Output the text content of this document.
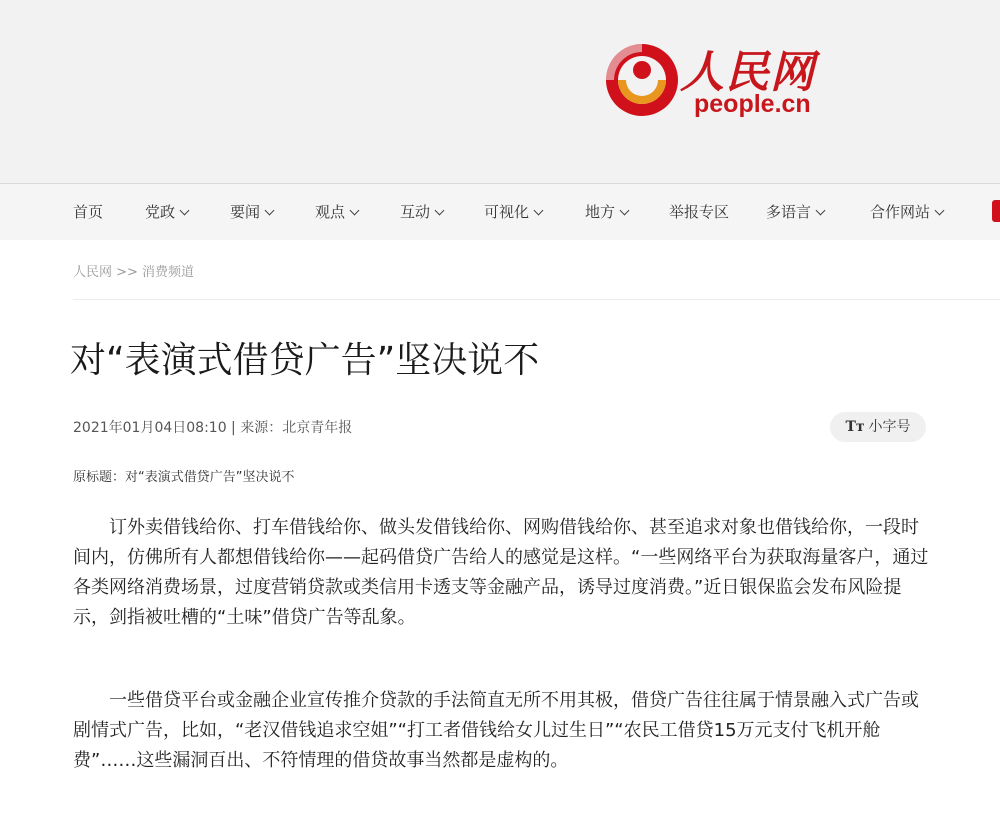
人民网
people.cn
首页	党政	要闻	观点	互动	可视化	地方	举报专区 多语言	合作网站
人民网 >> 消费频道
对“表演式借贷广告”坚决说不
2021年01月04日08:10 | 来源：北京青年报	Tт 小字号
原标题：对“表演式借贷广告”坚决说不

订外卖借钱给你、打车借钱给你、做头发借钱给你、网购借钱给你、甚至追求对象也借钱给你，一段时间内，仿佛所有人都想借钱给你——起码借贷广告给人的感觉是这样。“一些网络平台为获取海量客户，通过各类网络消费场景，过度营销贷款或类信用卡透支等金融产品，诱导过度消费。”近日银保监会发布风险提示，剑指被吐槽的“土味”借贷广告等乱象。

一些借贷平台或金融企业宣传推介贷款的手法简直无所不用其极，借贷广告往往属于情景融入式广告或剧情式广告，比如，“老汉借钱追求空姐”“打工者借钱给女儿过生日”“农民工借贷15万元支付飞机开舱费”……这些漏洞百出、不符情理的借贷故事当然都是虚构的。
